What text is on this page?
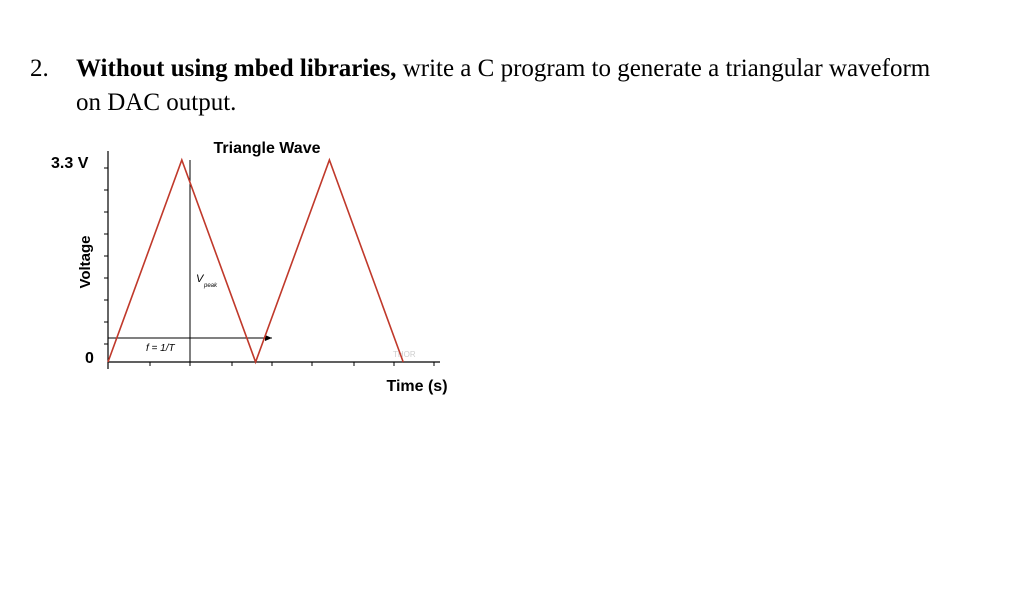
2. Without using mbed libraries, write a C program to generate a triangular waveform
on DAC output.
Triangle Wave
3.3 V
0
Voltage
Time (s)
f = 1/T
V
peak
THOR
